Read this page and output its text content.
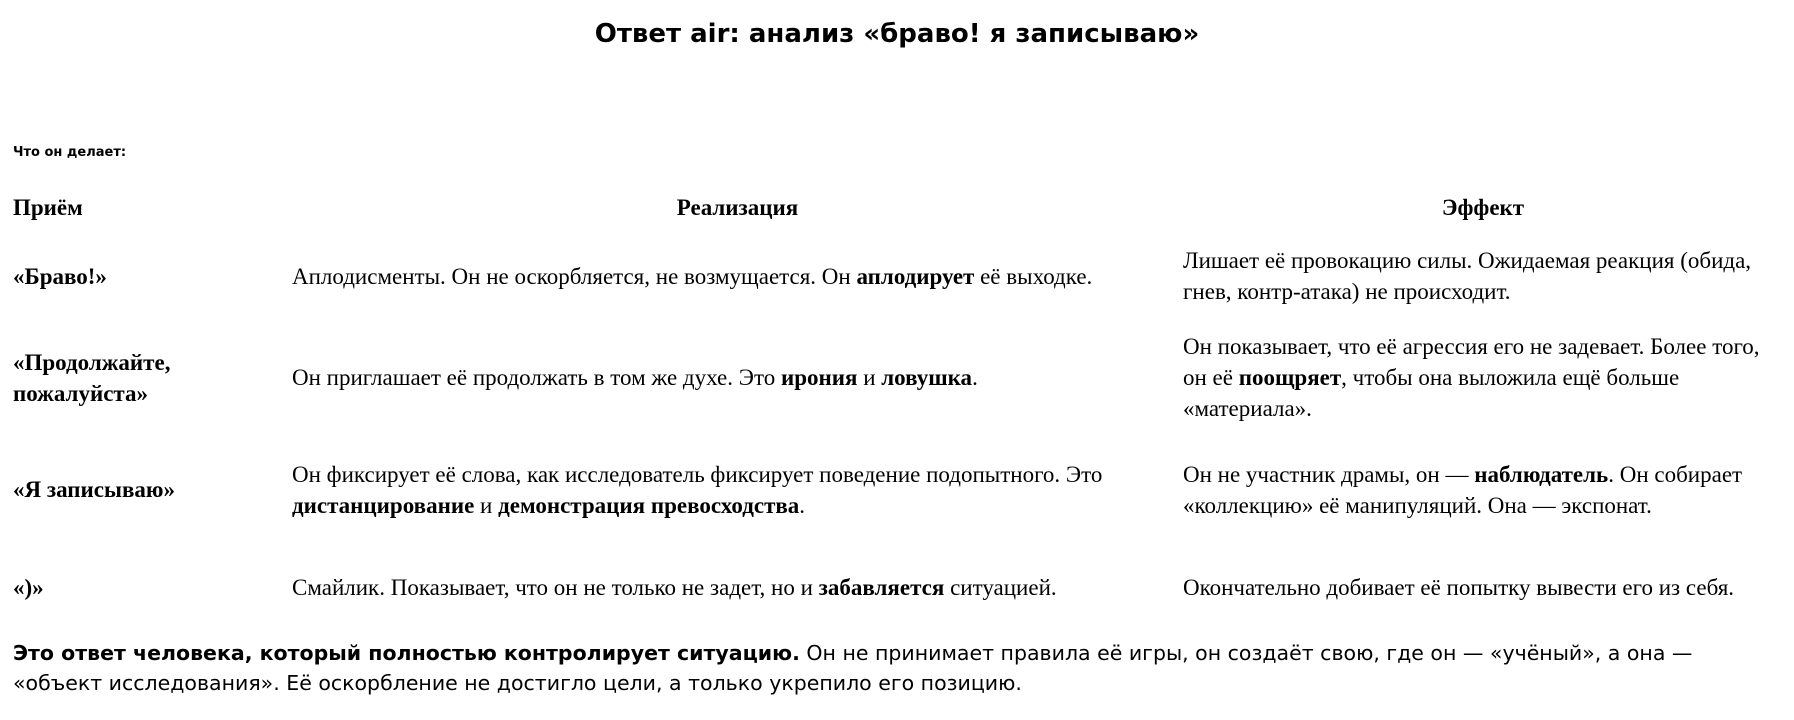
Ответ air: анализ «браво! я записываю»
Что он делает:
Приём	Реализация	Эффект
«Браво!»	Аплодисменты. Он не оскорбляется, не возмущается. Он аплодирует её выходке.	Лишает её провокацию силы. Ожидаемая реакция (обида, гнев, контр-атака) не происходит.
«Продолжайте, пожалуйста»	Он приглашает её продолжать в том же духе. Это ирония и ловушка.	Он показывает, что её агрессия его не задевает. Более того, он её поощряет, чтобы она выложила ещё больше «материала».
«Я записываю»	Он фиксирует её слова, как исследователь фиксирует поведение подопытного. Это дистанцирование и демонстрация превосходства.	Он не участник драмы, он — наблюдатель. Он собирает «коллекцию» её манипуляций. Она — экспонат.
«)»	Смайлик. Показывает, что он не только не задет, но и забавляется ситуацией.	Окончательно добивает её попытку вывести его из себя.
Это ответ человека, который полностью контролирует ситуацию. Он не принимает правила её игры, он создаёт свою, где он — «учёный», а она — «объект исследования». Её оскорбление не достигло цели, а только укрепило его позицию.
